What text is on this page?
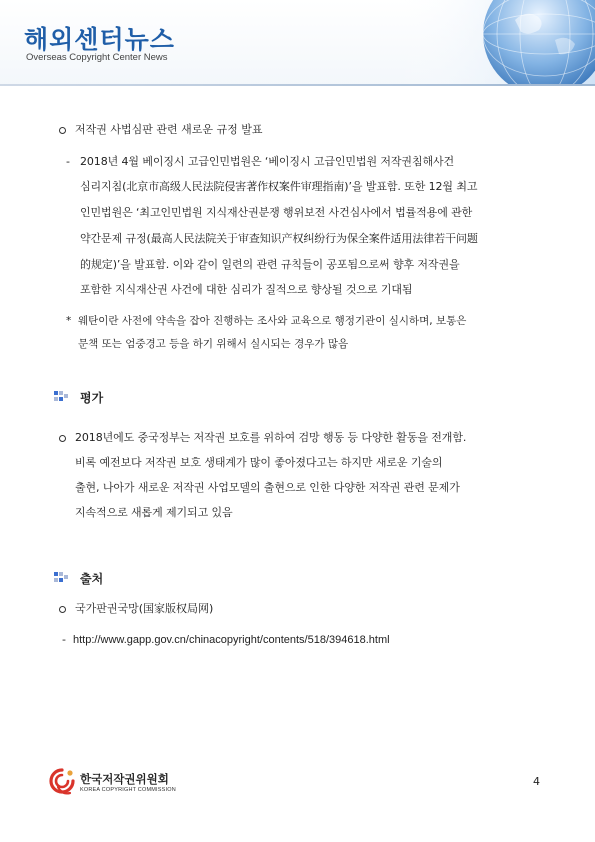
해외센터뉴스
Overseas Copyright Center News
저작권 사법심판 관련 새로운 규정 발표
- 2018년 4월 베이징시 고급인민법원은 ‘베이징시 고급인민법원 저작권침해사건
심리지침(北京市高级人民法院侵害著作权案件审理指南)’을 발표함. 또한 12월 최고
인민법원은 ‘최고인민법원 지식재산권분쟁 행위보전 사건심사에서 법률적용에 관한
약간문제 규정(最高人民法院关于审查知识产权纠纷行为保全案件适用法律若干问题
的规定)’을 발표함. 이와 같이 일련의 관련 규칙들이 공포됨으로써 향후 저작권을
포함한 지식재산권 사건에 대한 심리가 질적으로 향상될 것으로 기대됨
* 웨탄이란 사전에 약속을 잡아 진행하는 조사와 교육으로 행정기관이 실시하며, 보통은
문책 또는 엄중경고 등을 하기 위해서 실시되는 경우가 많음
평가
2018년에도 중국정부는 저작권 보호를 위하여 검망 행동 등 다양한 활동을 전개함.
비록 예전보다 저작권 보호 생태계가 많이 좋아졌다고는 하지만 새로운 기술의
출현, 나아가 새로운 저작권 사업모델의 출현으로 인한 다양한 저작권 관련 문제가
지속적으로 새롭게 제기되고 있음
출처
국가판권국망(国家版权局网)
- http://www.gapp.gov.cn/chinacopyright/contents/518/394618.html
한국저작권위원회
KOREA COPYRIGHT COMMISSION
4
